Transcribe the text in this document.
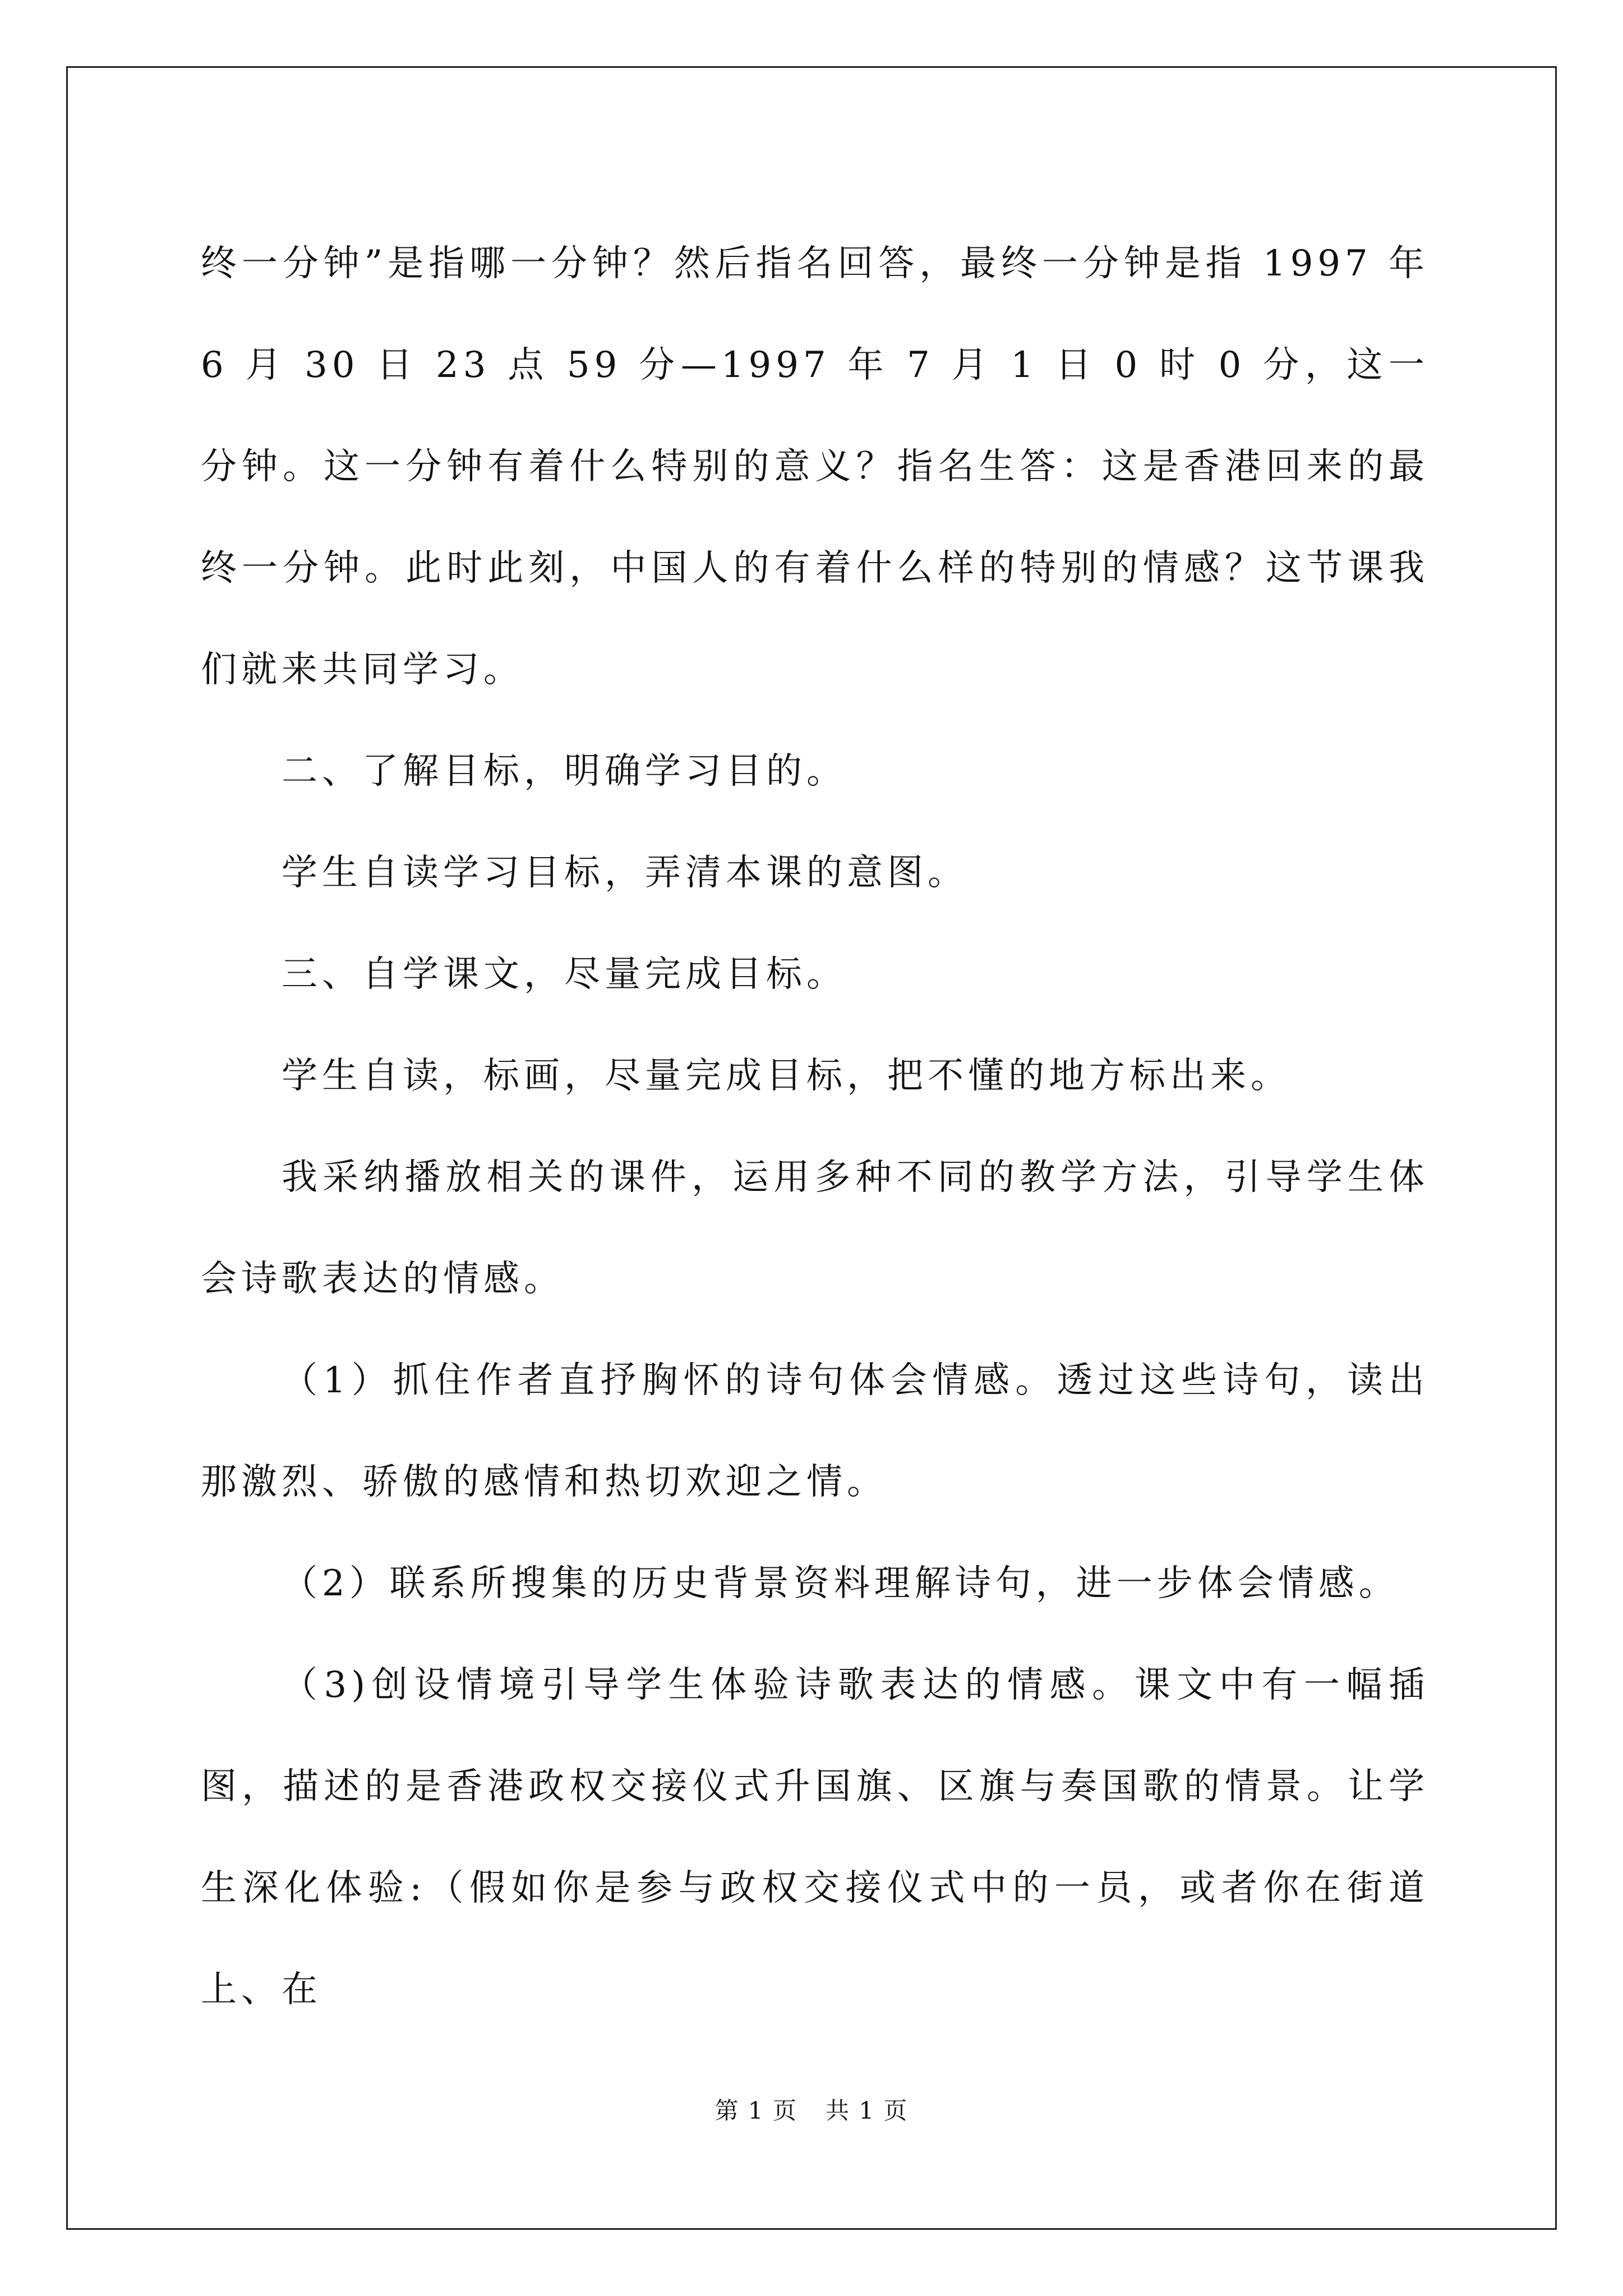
终一分钟”是指哪一分钟？然后指名回答，最终一分钟是指 1997 年 6 月 30 日 23 点 59 分—1997 年 7 月 1 日 0 时 0 分，这一分钟。这一分钟有着什么特别的意义？指名生答：这是香港回来的最终一分钟。此时此刻，中国人的有着什么样的特别的情感？这节课我们就来共同学习。

二、了解目标，明确学习目的。

学生自读学习目标，弄清本课的意图。

三、自学课文，尽量完成目标。

学生自读，标画，尽量完成目标，把不懂的地方标出来。

我采纳播放相关的课件，运用多种不同的教学方法，引导学生体会诗歌表达的情感。

（1）抓住作者直抒胸怀的诗句体会情感。透过这些诗句，读出那激烈、骄傲的感情和热切欢迎之情。

（2）联系所搜集的历史背景资料理解诗句，进一步体会情感。

（3)创设情境引导学生体验诗歌表达的情感。课文中有一幅插图，描述的是香港政权交接仪式升国旗、区旗与奏国歌的情景。让学生深化体验:（假如你是参与政权交接仪式中的一员，或者你在街道上、在

第 1 页 共 1 页
